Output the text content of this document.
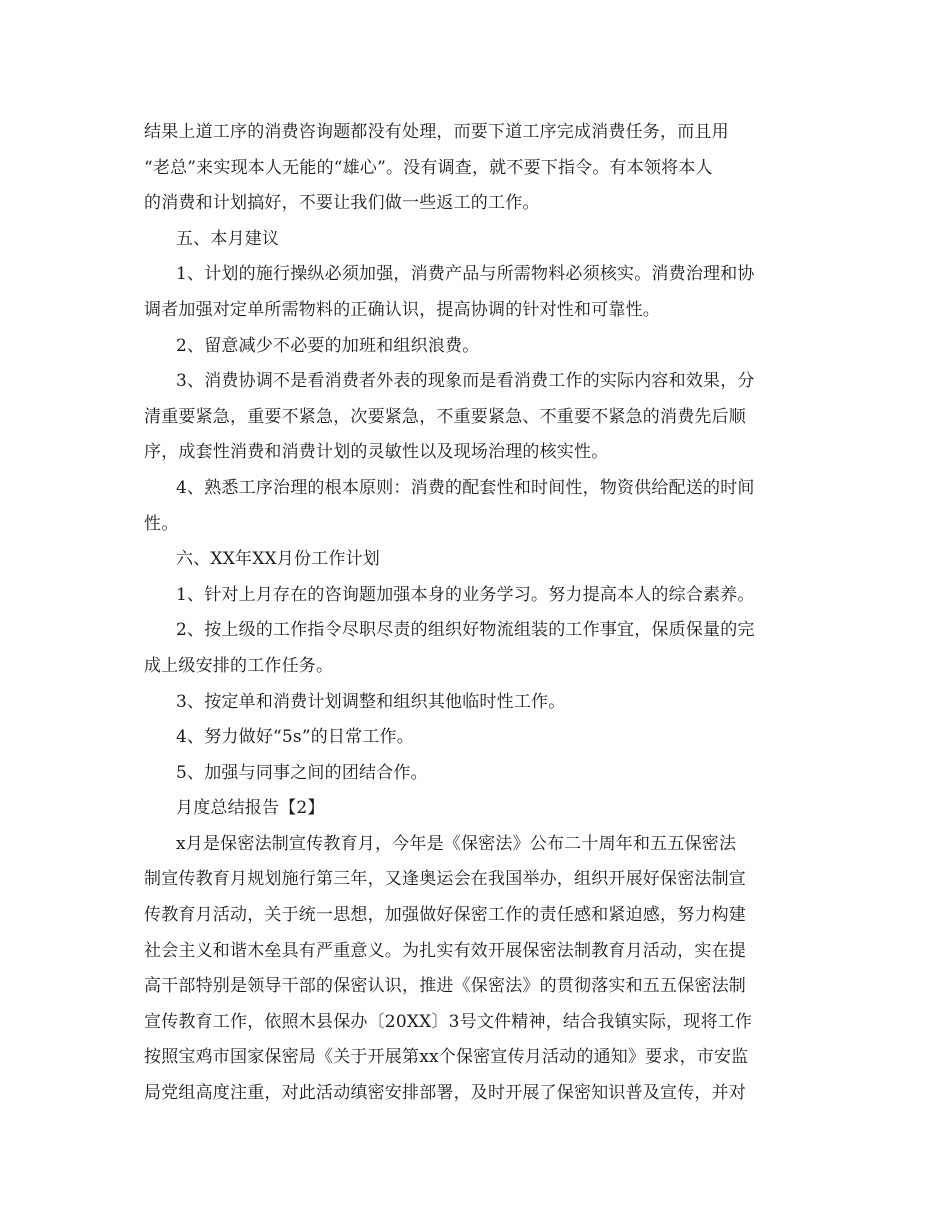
结果上道工序的消费咨询题都没有处理，而要下道工序完成消费任务，而且用
“老总”来实现本人无能的“雄心”。没有调查，就不要下指令。有本领将本人
的消费和计划搞好，不要让我们做一些返工的工作。
五、本月建议
1、计划的施行操纵必须加强，消费产品与所需物料必须核实。消费治理和协
调者加强对定单所需物料的正确认识，提高协调的针对性和可靠性。
2、留意减少不必要的加班和组织浪费。
3、消费协调不是看消费者外表的现象而是看消费工作的实际内容和效果，分
清重要紧急，重要不紧急，次要紧急，不重要紧急、不重要不紧急的消费先后顺
序，成套性消费和消费计划的灵敏性以及现场治理的核实性。
4、熟悉工序治理的根本原则：消费的配套性和时间性，物资供给配送的时间
性。
六、XX年XX月份工作计划
1、针对上月存在的咨询题加强本身的业务学习。努力提高本人的综合素养。
2、按上级的工作指令尽职尽责的组织好物流组装的工作事宜，保质保量的完
成上级安排的工作任务。
3、按定单和消费计划调整和组织其他临时性工作。
4、努力做好“5s”的日常工作。
5、加强与同事之间的团结合作。
月度总结报告【2】
x月是保密法制宣传教育月，今年是《保密法》公布二十周年和五五保密法
制宣传教育月规划施行第三年，又逢奥运会在我国举办，组织开展好保密法制宣
传教育月活动，关于统一思想，加强做好保密工作的责任感和紧迫感，努力构建
社会主义和谐木垒具有严重意义。为扎实有效开展保密法制教育月活动，实在提
高干部特别是领导干部的保密认识，推进《保密法》的贯彻落实和五五保密法制
宣传教育工作，依照木县保办〔20XX〕3号文件精神，结合我镇实际，现将工作
按照宝鸡市国家保密局《关于开展第xx个保密宣传月活动的通知》要求，市安监
局党组高度注重，对此活动缜密安排部署，及时开展了保密知识普及宣传，并对
